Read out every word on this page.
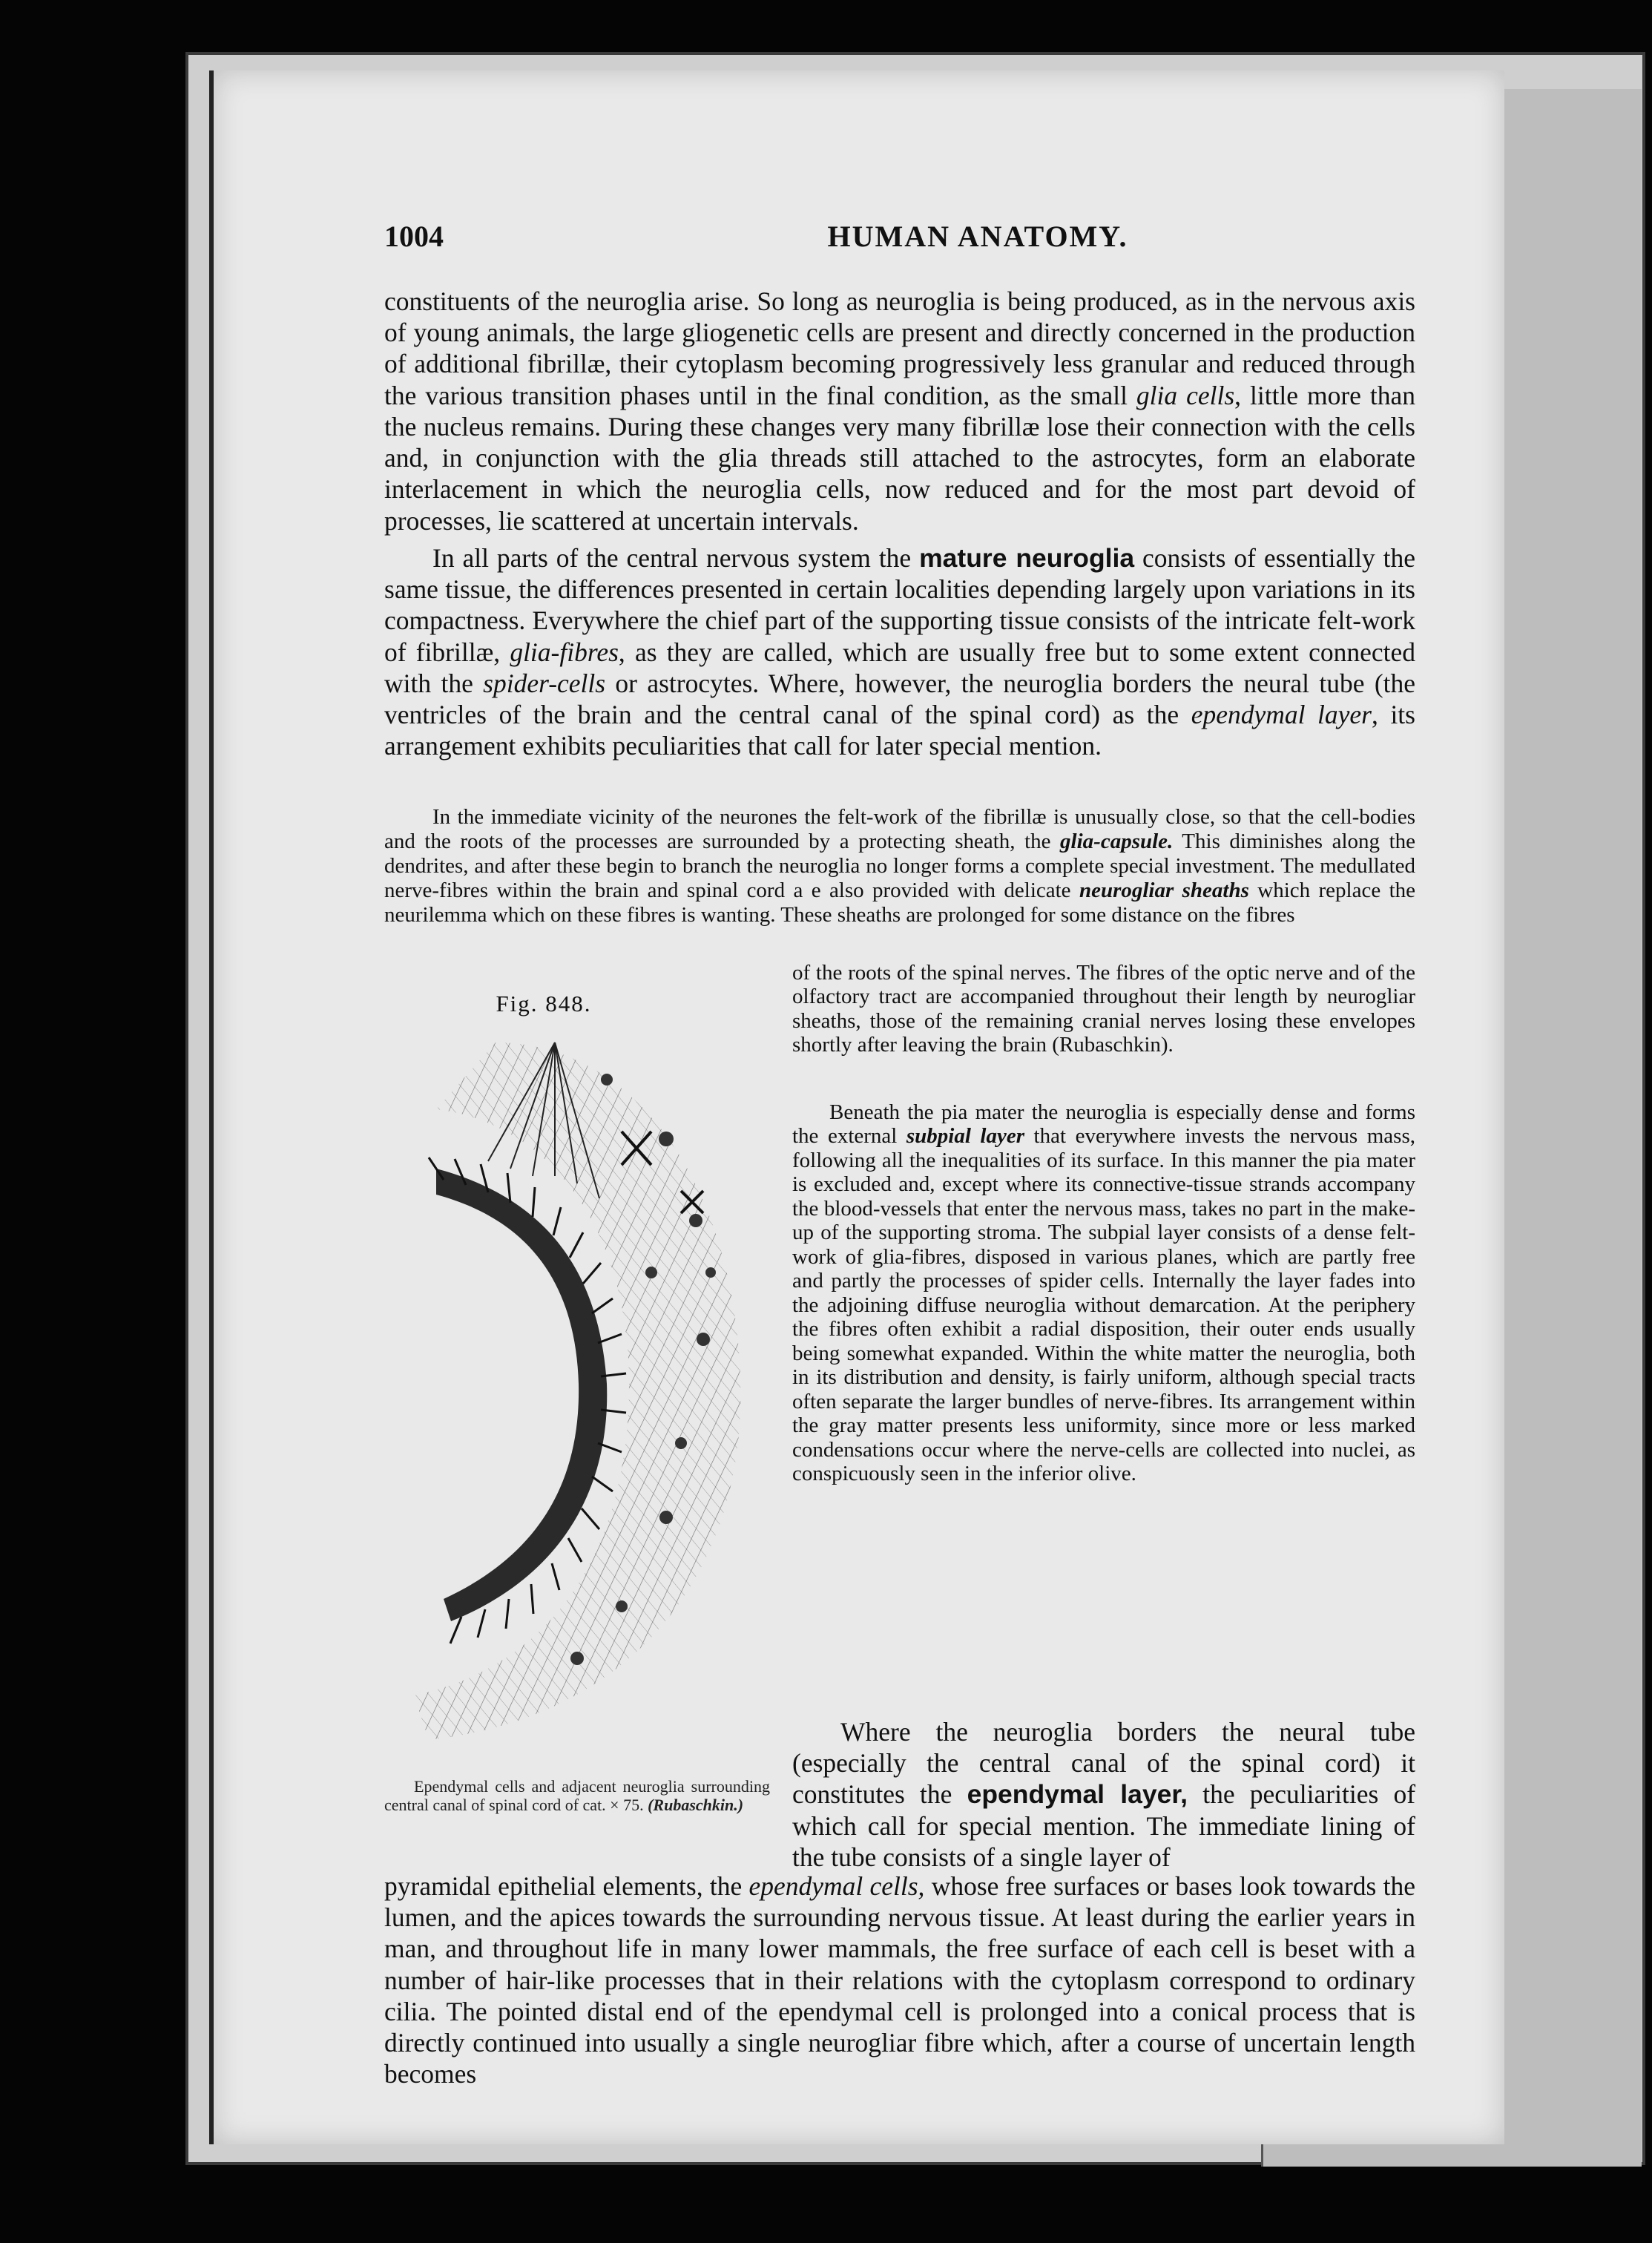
1004	HUMAN ANATOMY.

constituents of the neuroglia arise. So long as neuroglia is being produced, as in the nervous axis of young animals, the large gliogenetic cells are present and directly concerned in the production of additional fibrillæ, their cytoplasm becoming progressively less granular and reduced through the various transition phases until in the final condition, as the small glia cells, little more than the nucleus remains. During these changes very many fibrillæ lose their connection with the cells and, in conjunction with the glia threads still attached to the astrocytes, form an elaborate interlacement in which the neuroglia cells, now reduced and for the most part devoid of processes, lie scattered at uncertain intervals.

In all parts of the central nervous system the mature neuroglia consists of essentially the same tissue, the differences presented in certain localities depending largely upon variations in its compactness. Everywhere the chief part of the supporting tissue consists of the intricate felt-work of fibrillæ, glia-fibres, as they are called, which are usually free but to some extent connected with the spider-cells or astrocytes. Where, however, the neuroglia borders the neural tube (the ventricles of the brain and the central canal of the spinal cord) as the ependymal layer, its arrangement exhibits peculiarities that call for later special mention.

In the immediate vicinity of the neurones the felt-work of the fibrillæ is unusually close, so that the cell-bodies and the roots of the processes are surrounded by a protecting sheath, the glia-capsule. This diminishes along the dendrites, and after these begin to branch the neuroglia no longer forms a complete special investment. The medullated nerve-fibres within the brain and spinal cord a e also provided with delicate neurogliar sheaths which replace the neurilemma which on these fibres is wanting. These sheaths are prolonged for some distance on the fibres

Fig. 848.
Ependymal cells and adjacent neuroglia surrounding central canal of spinal cord of cat. × 75. (Rubaschkin.)

of the roots of the spinal nerves. The fibres of the optic nerve and of the olfactory tract are accompanied throughout their length by neurogliar sheaths, those of the remaining cranial nerves losing these envelopes shortly after leaving the brain (Rubaschkin).

Beneath the pia mater the neuroglia is especially dense and forms the external subpial layer that everywhere invests the nervous mass, following all the inequalities of its surface. In this manner the pia mater is excluded and, except where its connective-tissue strands accompany the blood-vessels that enter the nervous mass, takes no part in the make-up of the supporting stroma. The subpial layer consists of a dense felt-work of glia-fibres, disposed in various planes, which are partly free and partly the processes of spider cells. Internally the layer fades into the adjoining diffuse neuroglia without demarcation. At the periphery the fibres often exhibit a radial disposition, their outer ends usually being somewhat expanded. Within the white matter the neuroglia, both in its distribution and density, is fairly uniform, although special tracts often separate the larger bundles of nerve-fibres. Its arrangement within the gray matter presents less uniformity, since more or less marked condensations occur where the nerve-cells are collected into nuclei, as conspicuously seen in the inferior olive.

Where the neuroglia borders the neural tube (especially the central canal of the spinal cord) it constitutes the ependymal layer, the peculiarities of which call for special mention. The immediate lining of the tube consists of a single layer of

pyramidal epithelial elements, the ependymal cells, whose free surfaces or bases look towards the lumen, and the apices towards the surrounding nervous tissue. At least during the earlier years in man, and throughout life in many lower mammals, the free surface of each cell is beset with a number of hair-like processes that in their relations with the cytoplasm correspond to ordinary cilia. The pointed distal end of the ependymal cell is prolonged into a conical process that is directly continued into usually a single neurogliar fibre which, after a course of uncertain length becomes
